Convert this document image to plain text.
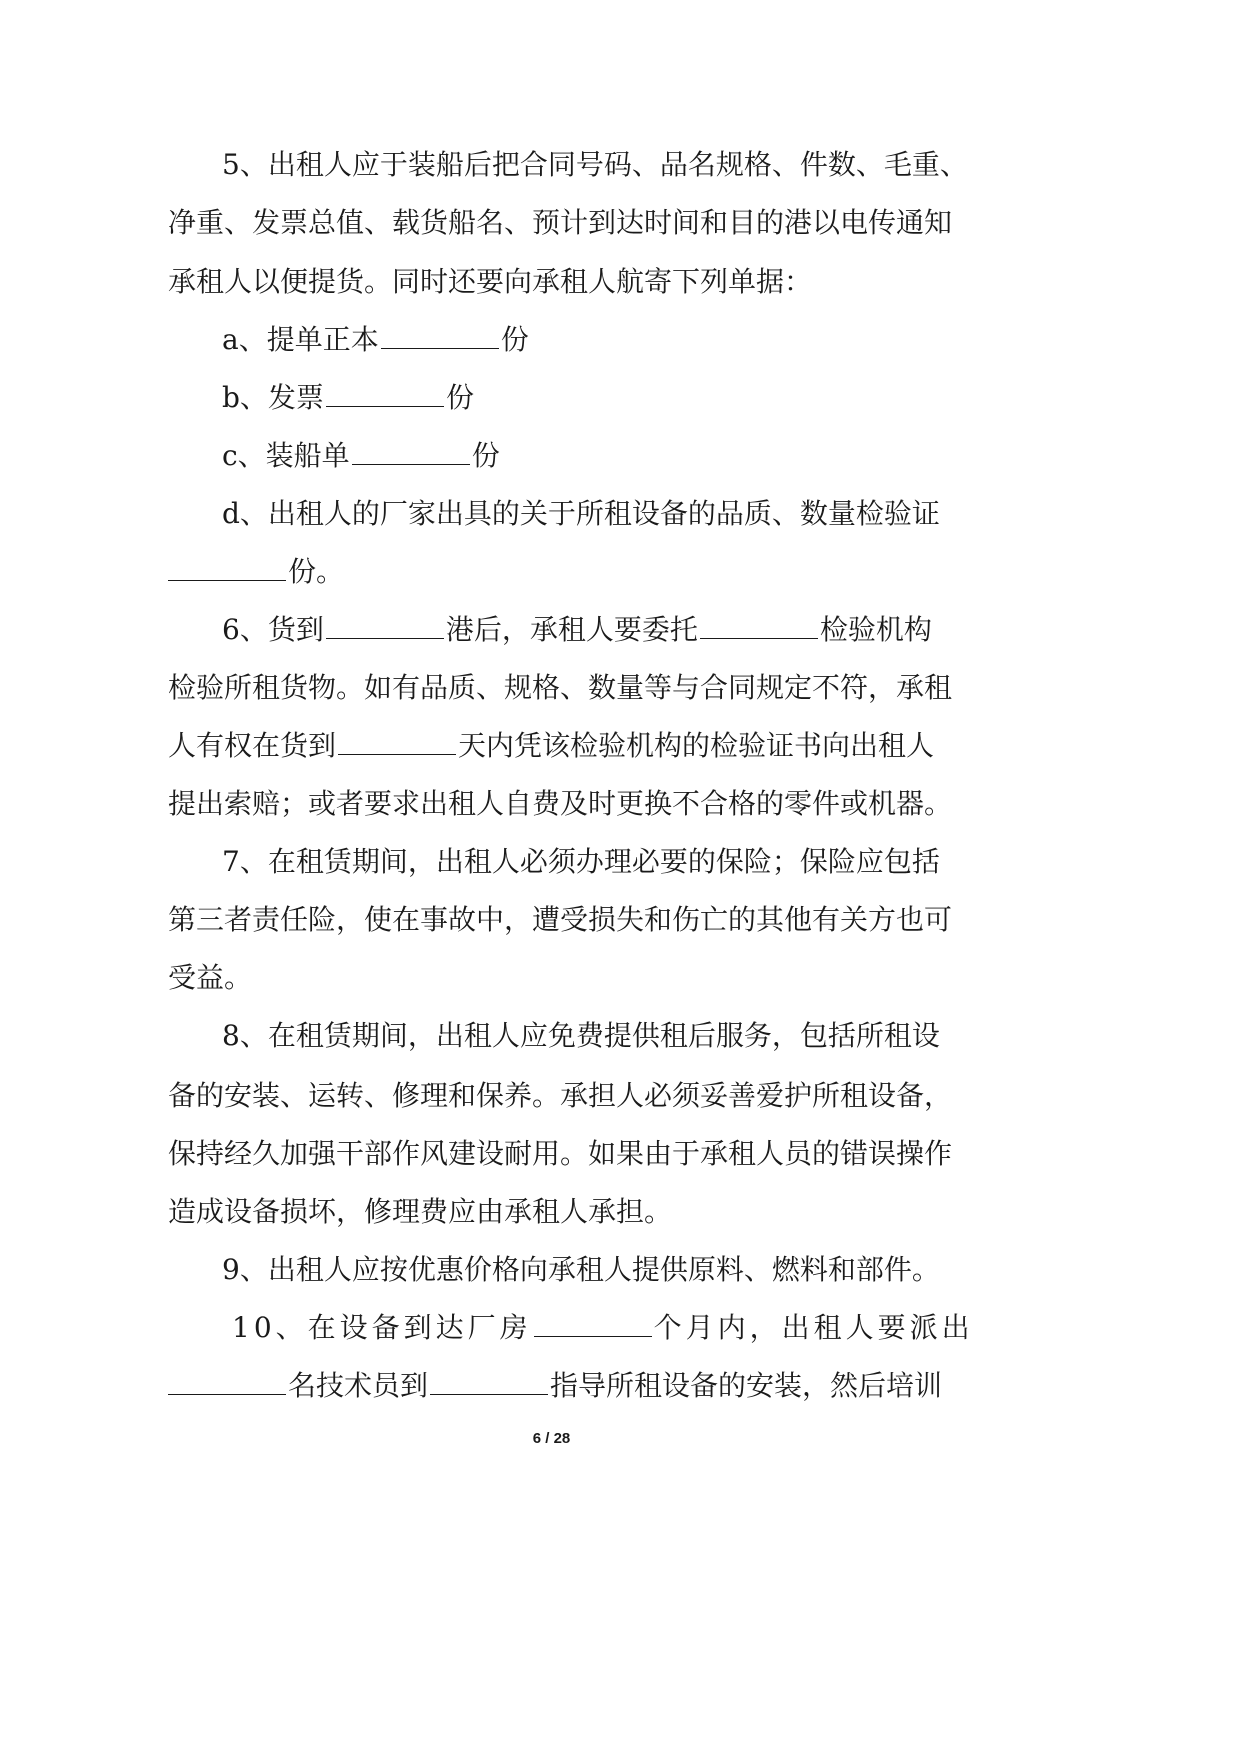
5、出租人应于装船后把合同号码、品名规格、件数、毛重、
净重、发票总值、载货船名、预计到达时间和目的港以电传通知
承租人以便提货。同时还要向承租人航寄下列单据：
a、提单正本	份
b、发票	份
c、装船单	份
d、出租人的厂家出具的关于所租设备的品质、数量检验证
份。
6、货到	港后，承租人要委托	检验机构
检验所租货物。如有品质、规格、数量等与合同规定不符，承租
人有权在货到	天内凭该检验机构的检验证书向出租人
提出索赔；或者要求出租人自费及时更换不合格的零件或机器。
7、在租赁期间，出租人必须办理必要的保险；保险应包括
第三者责任险，使在事故中，遭受损失和伤亡的其他有关方也可
受益。
8、在租赁期间，出租人应免费提供租后服务，包括所租设
备的安装、运转、修理和保养。承担人必须妥善爱护所租设备，
保持经久加强干部作风建设耐用。如果由于承租人员的错误操作
造成设备损坏，修理费应由承租人承担。
9、出租人应按优惠价格向承租人提供原料、燃料和部件。
10、在设备到达厂房	个月内，出租人要派出
名技术员到	指导所租设备的安装，然后培训
6 / 28
